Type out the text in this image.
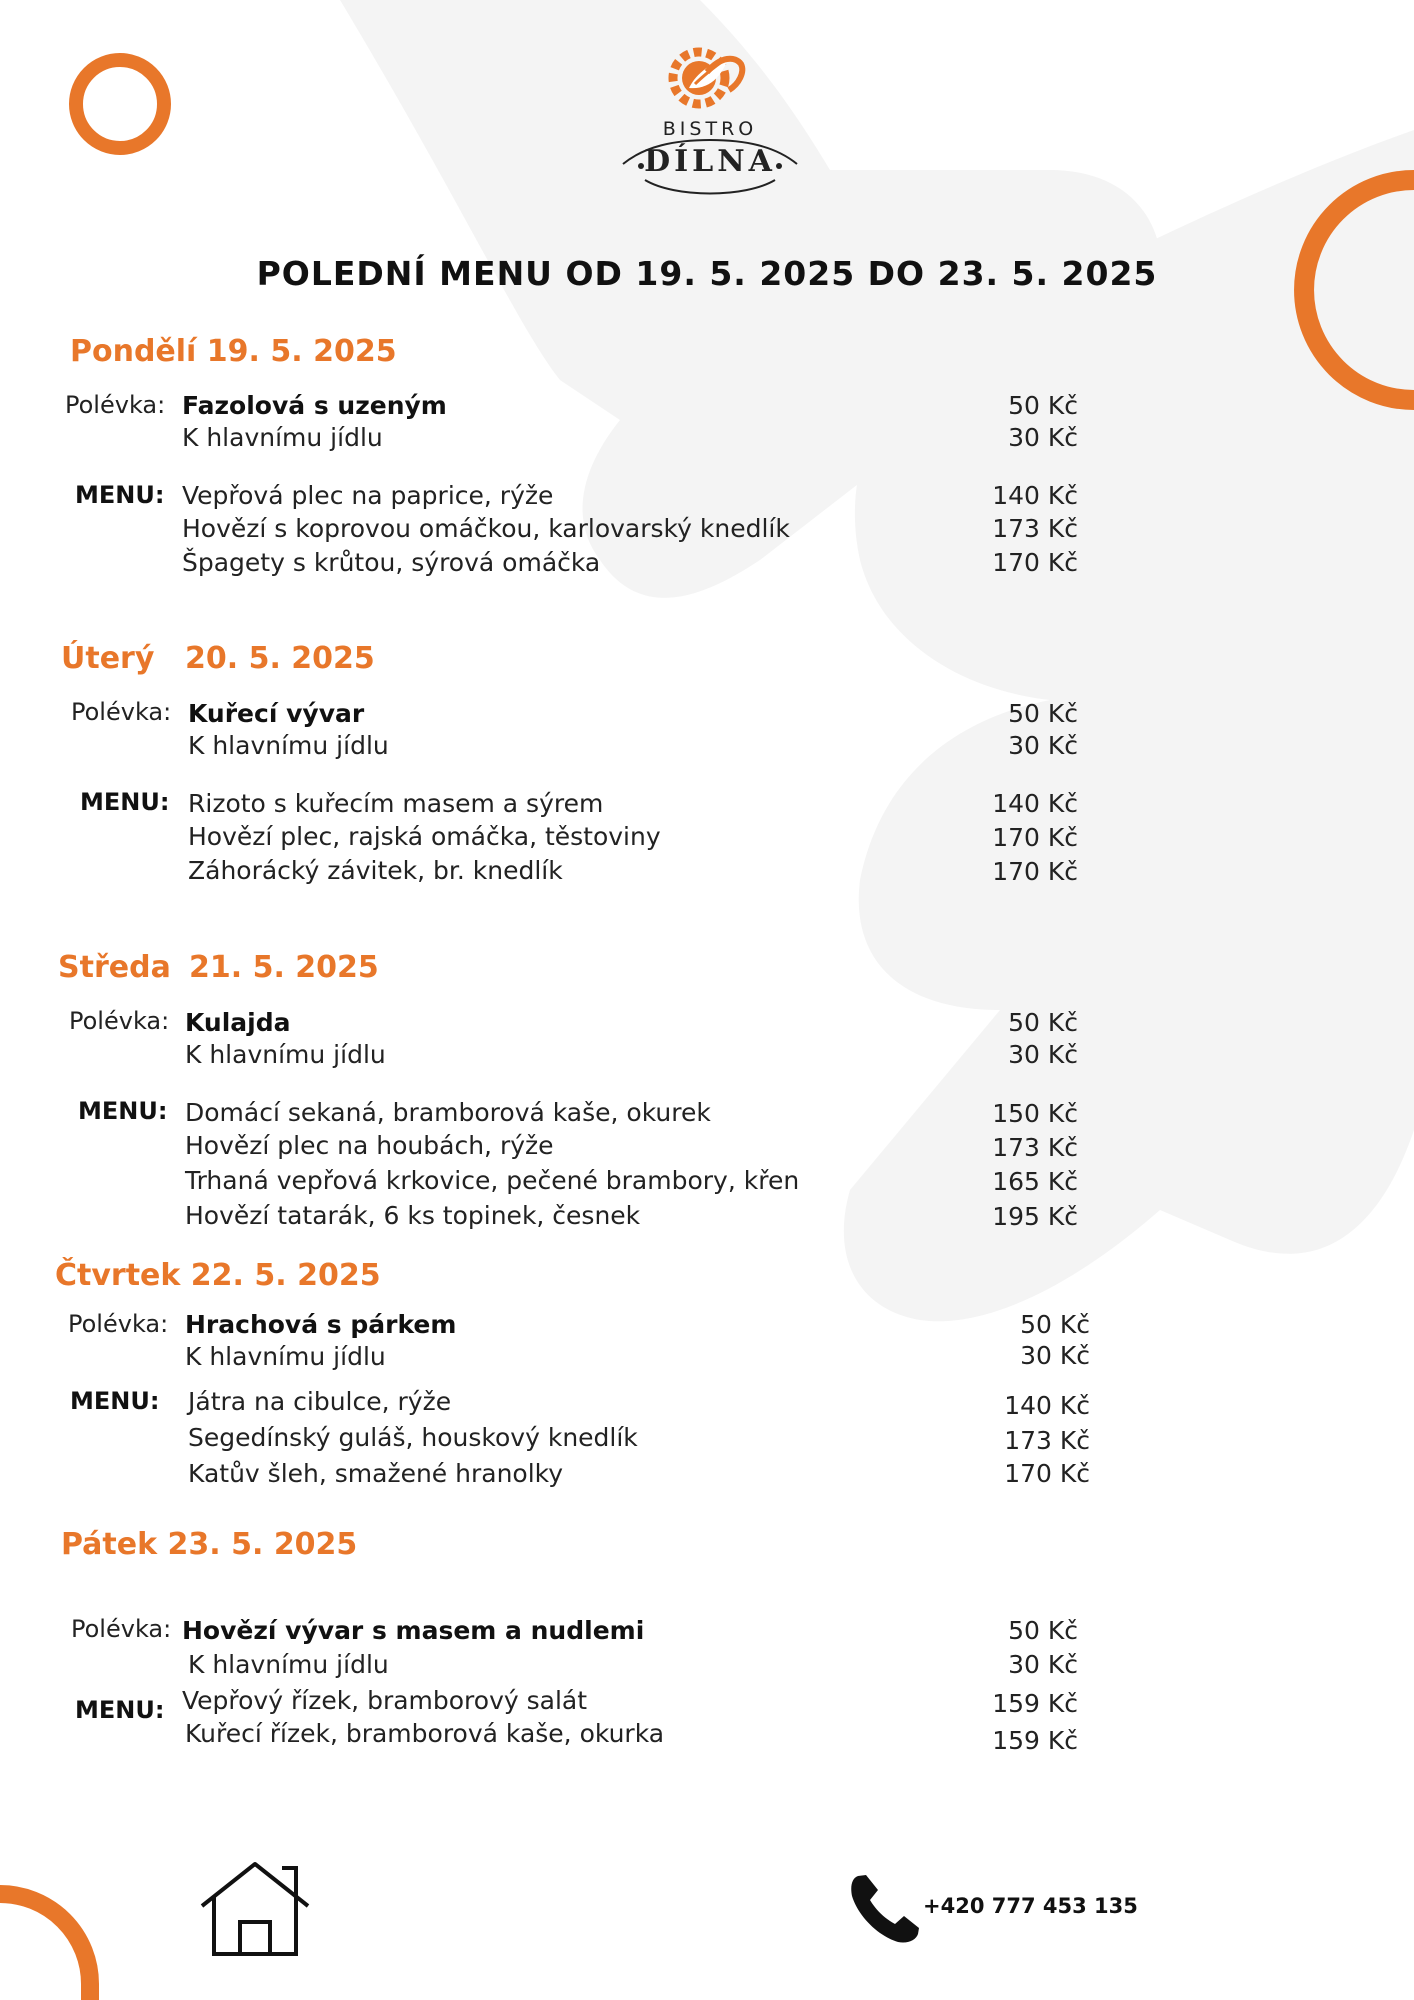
BISTRO
DÍLNA
POLEDNÍ MENU OD 19. 5. 2025 DO 23. 5. 2025
Pondělí 19. 5. 2025
Polévka: Fazolová s uzeným	50 Kč
K hlavnímu jídlu	30 Kč
MENU: Vepřová plec na paprice, rýže	140 Kč
Hovězí s koprovou omáčkou, karlovarský knedlík	173 Kč
Špagety s krůtou, sýrová omáčka	170 Kč
Úterý 20. 5. 2025
Polévka: Kuřecí vývar	50 Kč
K hlavnímu jídlu	30 Kč
MENU: Rizoto s kuřecím masem a sýrem	140 Kč
Hovězí plec, rajská omáčka, těstoviny	170 Kč
Záhorácký závitek, br. knedlík	170 Kč
Středa 21. 5. 2025
Polévka: Kulajda	50 Kč
K hlavnímu jídlu	30 Kč
MENU: Domácí sekaná, bramborová kaše, okurek	150 Kč
Hovězí plec na houbách, rýže	173 Kč
Trhaná vepřová krkovice, pečené brambory, křen	165 Kč
Hovězí tatarák, 6 ks topinek, česnek	195 Kč
Čtvrtek 22. 5. 2025
Polévka: Hrachová s párkem	50 Kč
K hlavnímu jídlu	30 Kč
MENU: Játra na cibulce, rýže	140 Kč
Segedínský guláš, houskový knedlík	173 Kč
Katův šleh, smažené hranolky	170 Kč
Pátek 23. 5. 2025
Polévka: Hovězí vývar s masem a nudlemi	50 Kč
K hlavnímu jídlu	30 Kč
MENU: Vepřový řízek, bramborový salát	159 Kč
Kuřecí řízek, bramborová kaše, okurka	159 Kč
+420 777 453 135
